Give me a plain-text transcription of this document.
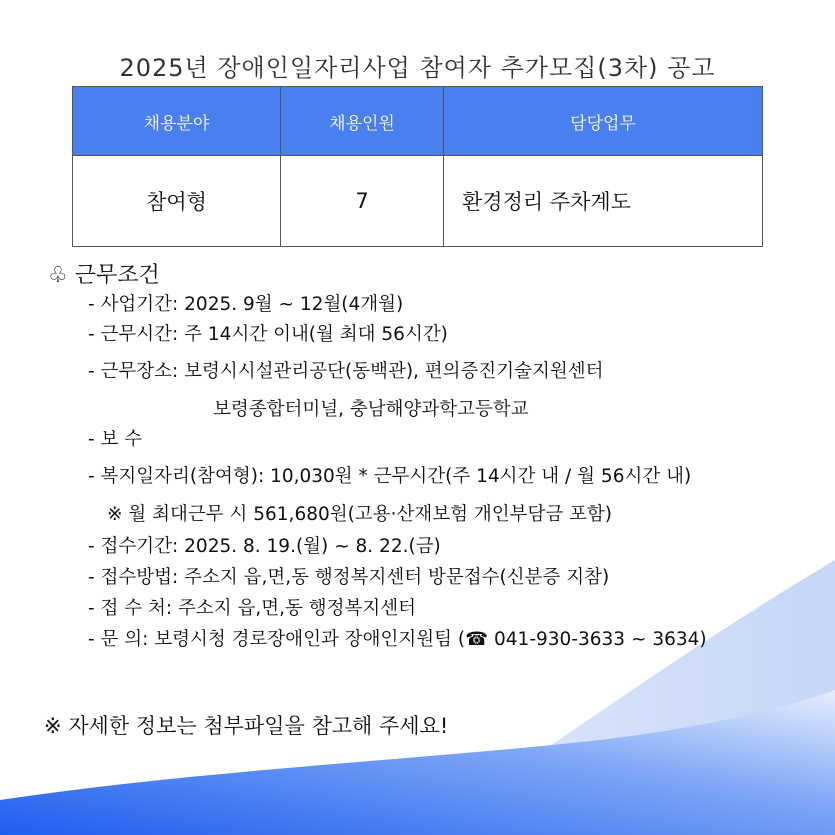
2025년 장애인일자리사업 참여자 추가모집(3차) 공고
채용분야	채용인원	담당업무
참여형	7	환경정리 주차계도
♧ 근무조건
- 사업기간: 2025. 9월 ~ 12월(4개월)
- 근무시간: 주 14시간 이내(월 최대 56시간)
- 근무장소: 보령시시설관리공단(동백관), 편의증진기술지원센터
보령종합터미널, 충남해양과학고등학교
- 보 수
- 복지일자리(참여형): 10,030원 * 근무시간(주 14시간 내 / 월 56시간 내)
※ 월 최대근무 시 561,680원(고용·산재보험 개인부담금 포함)
- 접수기간: 2025. 8. 19.(월) ~ 8. 22.(금)
- 접수방법: 주소지 읍,면,동 행정복지센터 방문접수(신분증 지참)
- 접 수 처: 주소지 읍,면,동 행정복지센터
- 문 의: 보령시청 경로장애인과 장애인지원팀 (☎ 041-930-3633 ~ 3634)
※ 자세한 정보는 첨부파일을 참고해 주세요!
